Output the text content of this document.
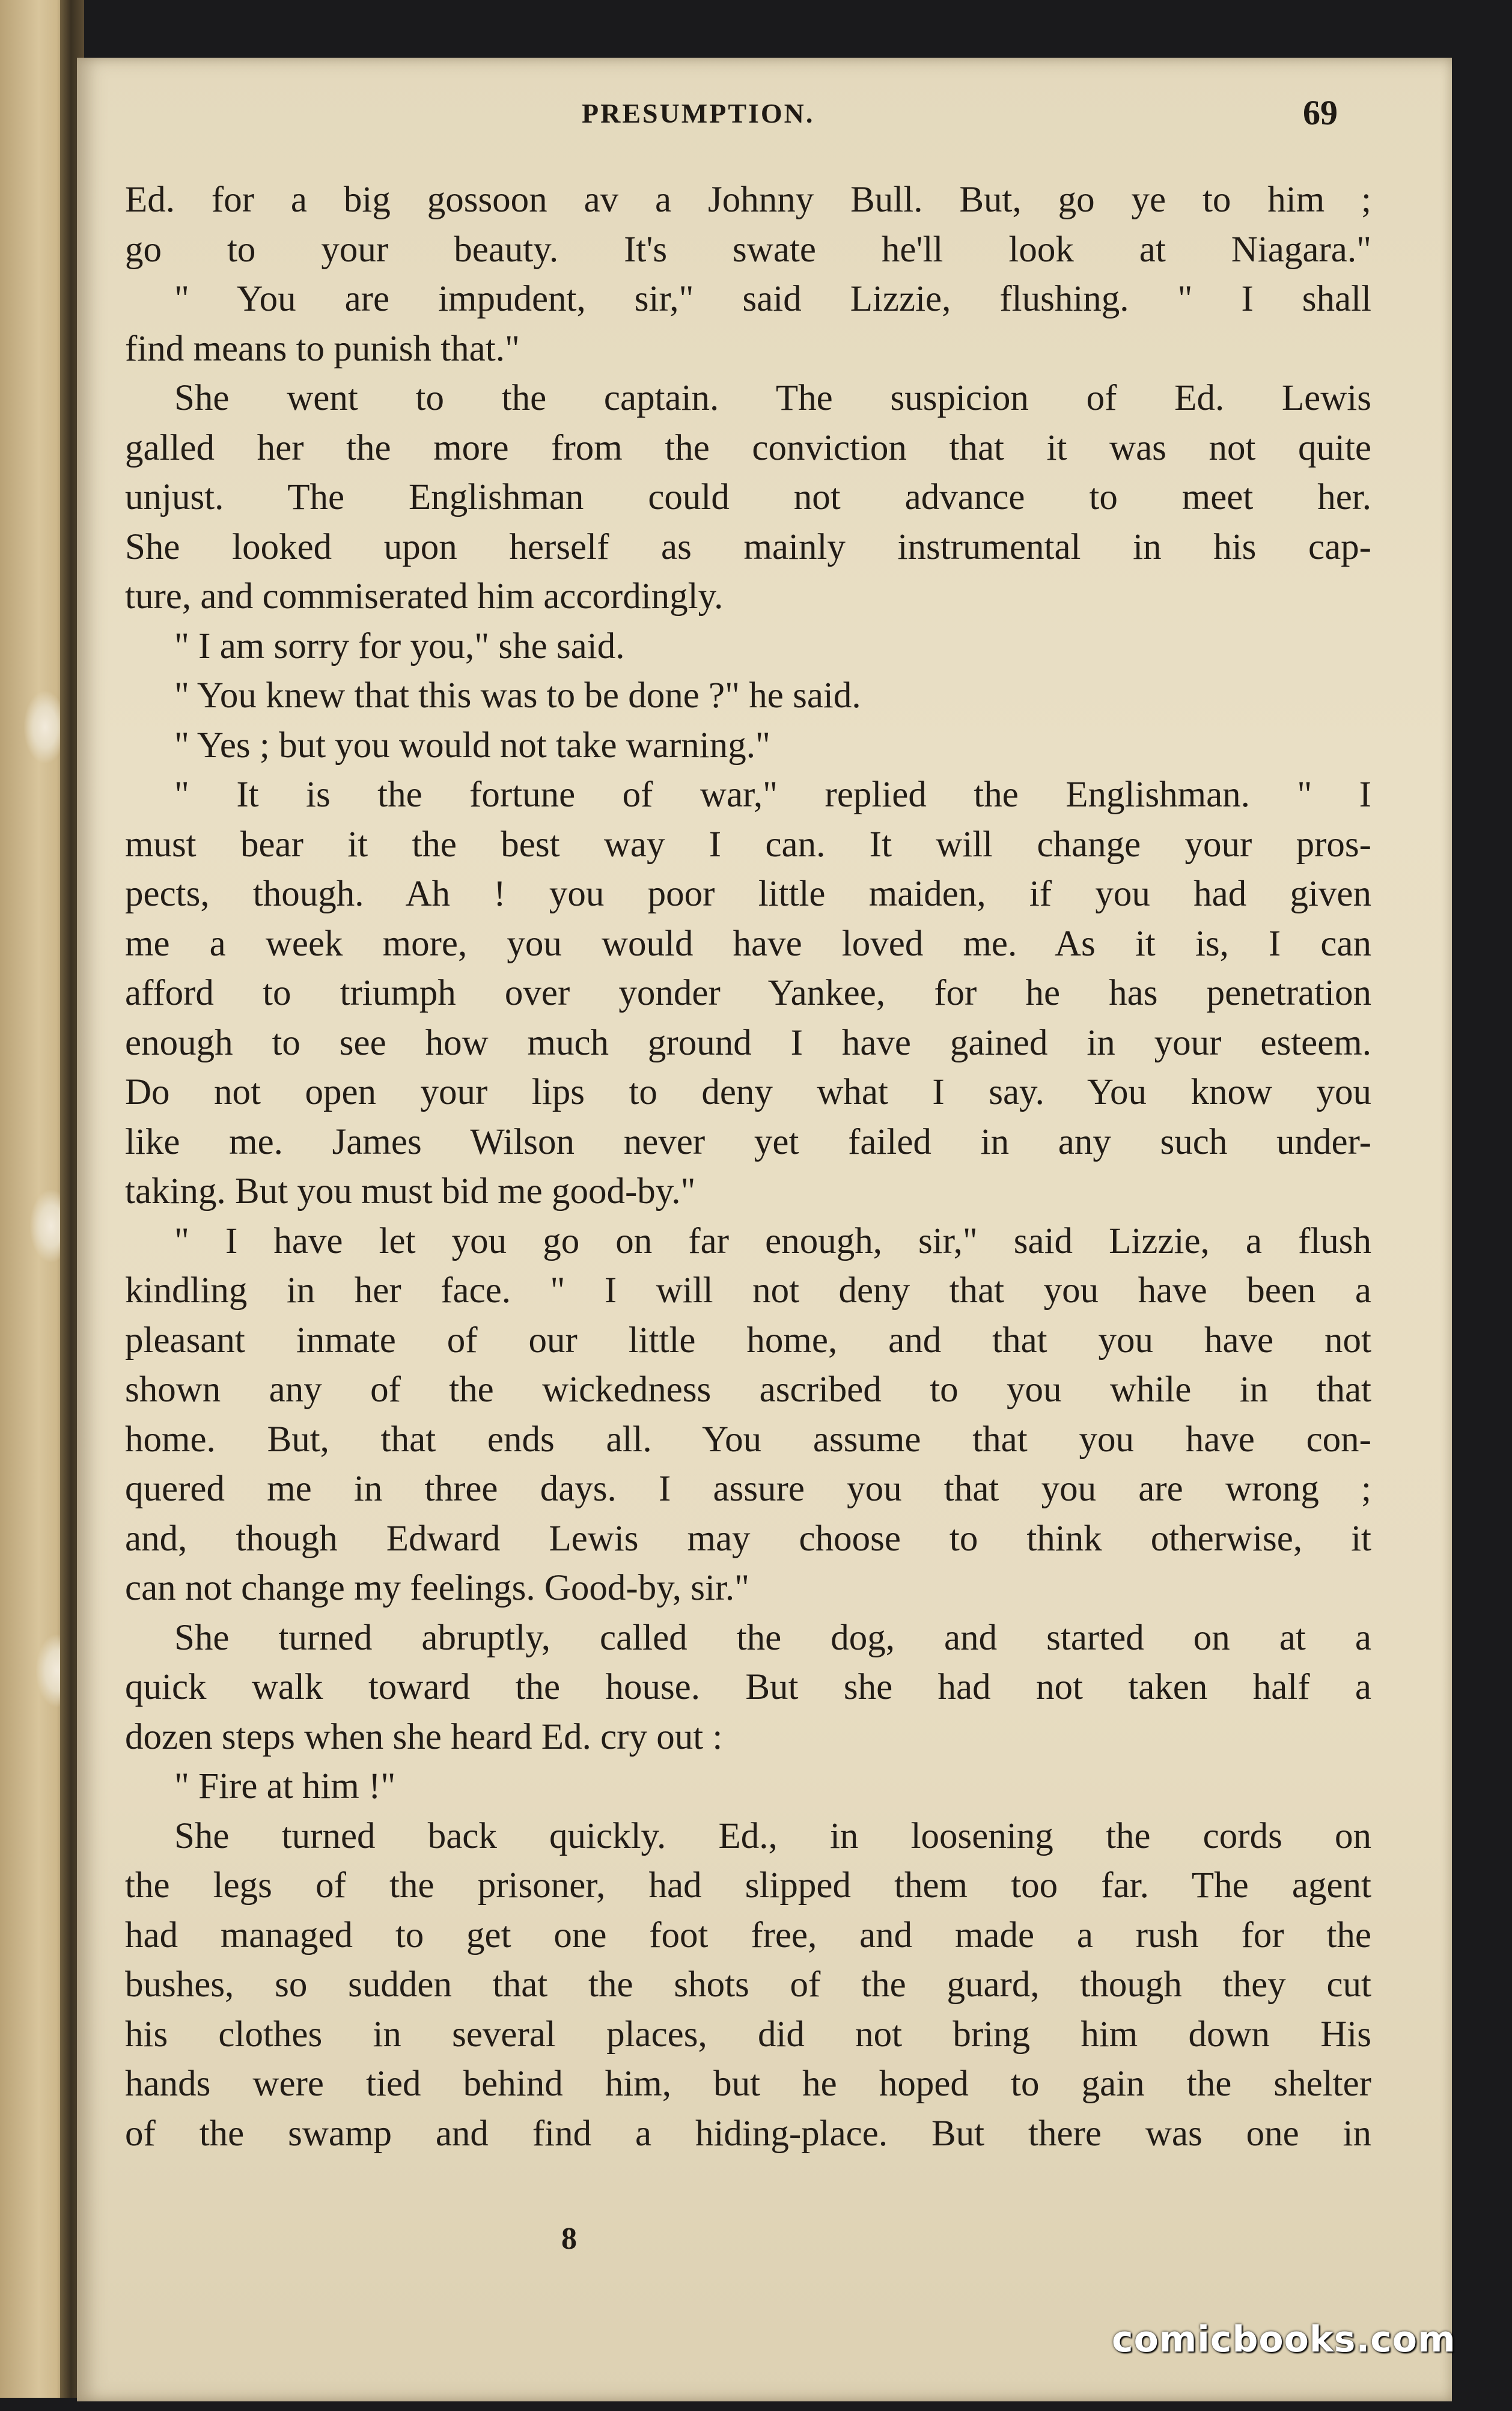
PRESUMPTION.	69
Ed. for a big gossoon av a Johnny Bull. But, go ye to him ;
go to your beauty. It's swate he'll look at Niagara."
" You are impudent, sir," said Lizzie, flushing. " I shall
find means to punish that."
She went to the captain. The suspicion of Ed. Lewis
galled her the more from the conviction that it was not quite
unjust. The Englishman could not advance to meet her.
She looked upon herself as mainly instrumental in his cap-
ture, and commiserated him accordingly.
" I am sorry for you," she said.
" You knew that this was to be done ?" he said.
" Yes ; but you would not take warning."
" It is the fortune of war," replied the Englishman. " I
must bear it the best way I can. It will change your pros-
pects, though. Ah ! you poor little maiden, if you had given
me a week more, you would have loved me. As it is, I can
afford to triumph over yonder Yankee, for he has penetration
enough to see how much ground I have gained in your esteem.
Do not open your lips to deny what I say. You know you
like me. James Wilson never yet failed in any such under-
taking. But you must bid me good-by."
" I have let you go on far enough, sir," said Lizzie, a flush
kindling in her face. " I will not deny that you have been a
pleasant inmate of our little home, and that you have not
shown any of the wickedness ascribed to you while in that
home. But, that ends all. You assume that you have con-
quered me in three days. I assure you that you are wrong ;
and, though Edward Lewis may choose to think otherwise, it
can not change my feelings. Good-by, sir."
She turned abruptly, called the dog, and started on at a
quick walk toward the house. But she had not taken half a
dozen steps when she heard Ed. cry out :
" Fire at him !"
She turned back quickly. Ed., in loosening the cords on
the legs of the prisoner, had slipped them too far. The agent
had managed to get one foot free, and made a rush for the
bushes, so sudden that the shots of the guard, though they cut
his clothes in several places, did not bring him down His
hands were tied behind him, but he hoped to gain the shelter
of the swamp and find a hiding-place. But there was one in
8
comicbooks.com
